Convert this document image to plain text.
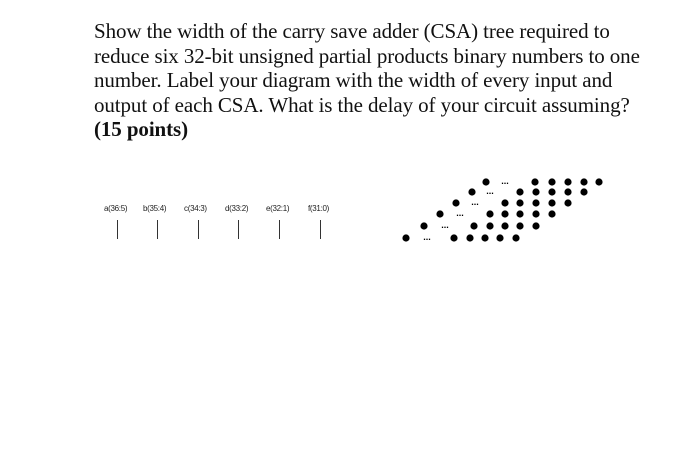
Show the width of the carry save adder (CSA) tree required to reduce six 32-bit unsigned partial products binary numbers to one number. Label your diagram with the width of every input and output of each CSA. What is the delay of your circuit assuming? (15 points)
a(36:5) b(35:4) c(34:3) d(33:2) e(32:1) f(31:0)
...
...
...
...
...
...
